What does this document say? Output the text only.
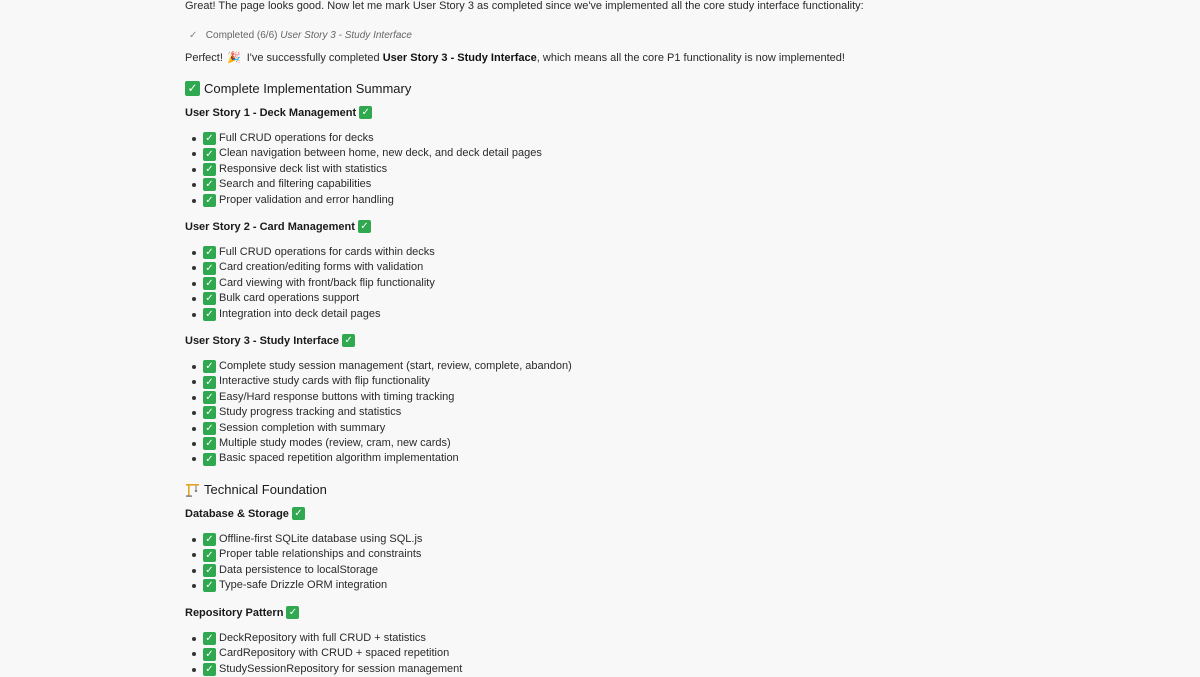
Great! The page looks good. Now let me mark User Story 3 as completed since we've implemented all the core study interface functionality:

✓ Completed (6/6) User Story 3 - Study Interface
Perfect! 🎉 I've successfully completed User Story 3 - Study Interface, which means all the core P1 functionality is now implemented!
✓ Complete Implementation Summary
User Story 1 - Deck Management ✓
✓ Full CRUD operations for decks
✓ Clean navigation between home, new deck, and deck detail pages
✓ Responsive deck list with statistics
✓ Search and filtering capabilities
✓ Proper validation and error handling
User Story 2 - Card Management ✓
✓ Full CRUD operations for cards within decks
✓ Card creation/editing forms with validation
✓ Card viewing with front/back flip functionality
✓ Bulk card operations support
✓ Integration into deck detail pages
User Story 3 - Study Interface ✓
✓ Complete study session management (start, review, complete, abandon)
✓ Interactive study cards with flip functionality
✓ Easy/Hard response buttons with timing tracking
✓ Study progress tracking and statistics
✓ Session completion with summary
✓ Multiple study modes (review, cram, new cards)
✓ Basic spaced repetition algorithm implementation
Technical Foundation
Database & Storage ✓
✓ Offline-first SQLite database using SQL.js
✓ Proper table relationships and constraints
✓ Data persistence to localStorage
✓ Type-safe Drizzle ORM integration
Repository Pattern ✓
✓ DeckRepository with full CRUD + statistics
✓ CardRepository with CRUD + spaced repetition
✓ StudySessionRepository for session management
